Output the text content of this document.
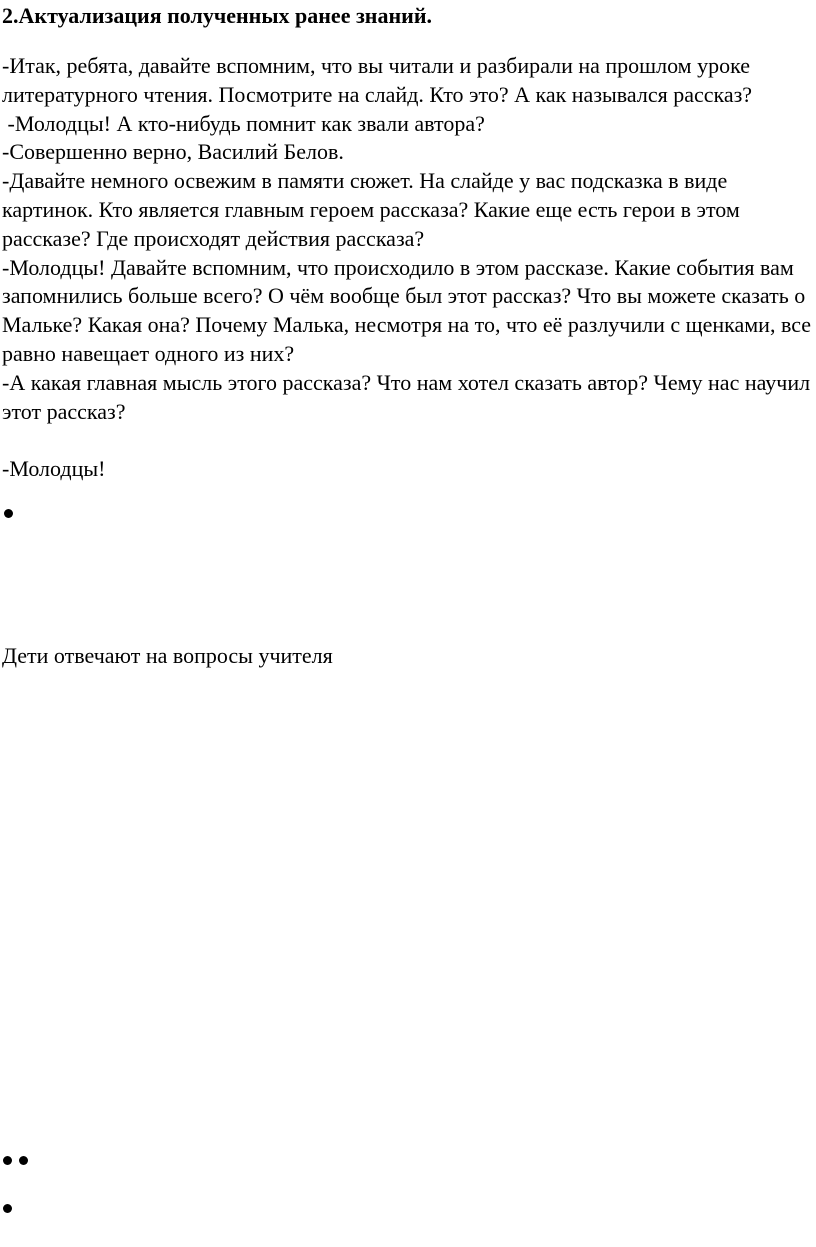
2.Актуализация полученных ранее знаний.

-Итак, ребята, давайте вспомним, что вы читали и разбирали на прошлом уроке литературного чтения. Посмотрите на слайд. Кто это? А как назывался рассказ?

-Молодцы! А кто-нибудь помнит как звали автора?

-Совершенно верно, Василий Белов.

-Давайте немного освежим в памяти сюжет. На слайде у вас подсказка в виде картинок. Кто является главным героем рассказа? Какие еще есть герои в этом рассказе? Где происходят действия рассказа?

-Молодцы! Давайте вспомним, что происходило в этом рассказе. Какие события вам запомнились больше всего? О чём вообще был этот рассказ? Что вы можете сказать о Мальке? Какая она? Почему Малька, несмотря на то, что её разлучили с щенками, все равно навещает одного из них?

-А какая главная мысль этого рассказа? Что нам хотел сказать автор? Чему нас научил этот рассказ?

-Молодцы!

Дети отвечают на вопросы учителя
